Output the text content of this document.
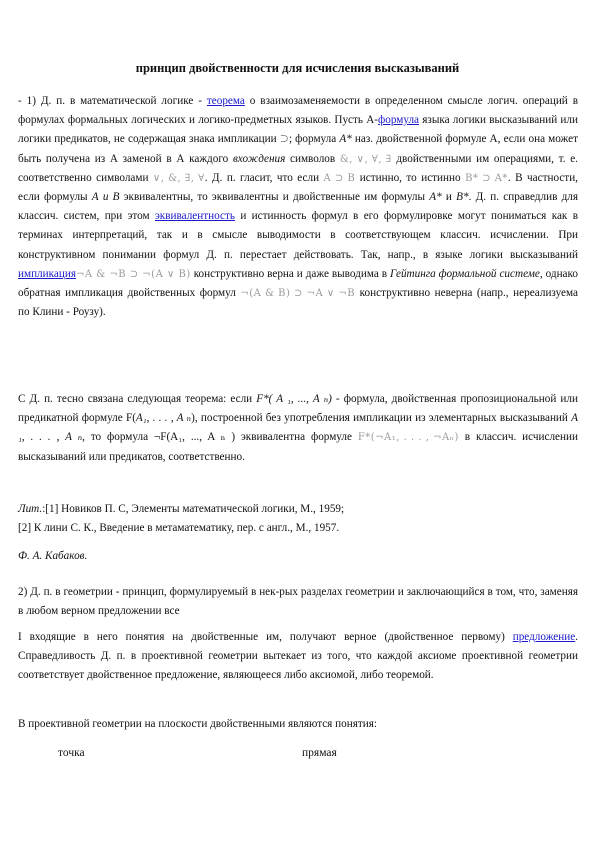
принцип двойственности для исчисления высказываний
- 1) Д. п. в математической логике - теорема о взаимозаменяемости в определенном смысле логич. операций в формулах формальных логических и логико-предметных языков. Пусть А-формула языка логики высказываний или логики предикатов, не содержащая знака импликации ⊃; формула A* наз. двойственной формуле А, если она может быть получена из А заменой в А каждого вхождения символов &, ∨, ∀, ∃ двойственными им операциями, т. е. соответственно символами ∨, &, ∃, ∀. Д. п. гласит, что если A ⊃ B истинно, то истинно B* ⊃ A*. В частности, если формулы А и В эквивалентны, то эквивалентны и двойственные им формулы А* и В*. Д. п. справедлив для классич. систем, при этом эквивалентность и истинность формул в его формулировке могут пониматься как в терминах интерпретаций, так и в смысле выводимости в соответствующем классич. исчислении. При конструктивном понимании формул Д. п. перестает действовать. Так, напр., в языке логики высказываний импликация¬A & ¬B ⊃ ¬(A ∨ B) конструктивно верна и даже выводима в Гейтинга формальной системе, однако обратная импликация двойственных формул ¬(A & B) ⊃ ¬A ∨ ¬B конструктивно неверна (напр., нереализуема по Клини - Роузу).
С Д. п. тесно связана следующая теорема: если F*( A ₁, ..., A ₙ) - формула, двойственная пропозициональной или предикатной формуле F(A₁, . . . , A ₙ), построенной без употребления импликации из элементарных высказываний A ₁, . . . , A ₙ, то формула ¬F(A₁, ..., A ₙ ) эквивалентна формуле F*(¬A₁, . . . , ¬Aₙ) в классич. исчислении высказываний или предикатов, соответственно.
Лит.:[1] Новиков П. С, Элементы математической логики, М., 1959;
[2] К лини С. К., Введение в метаматематику, пер. с англ., М., 1957.
Ф. А. Кабаков.
2) Д. п. в геометрии - принцип, формулируемый в нек-рых разделах геометрии и заключающийся в том, что, заменяя в любом верном предложении все
I входящие в него понятия на двойственные им, получают верное (двойственное первому) предложение. Справедливость Д. п. в проективной геометрии вытекает из того, что каждой аксиоме проективной геометрии соответствует двойственное предложение, являющееся либо аксиомой, либо теоремой.
В проективной геометрии на плоскости двойственными являются понятия:
точка	прямая
